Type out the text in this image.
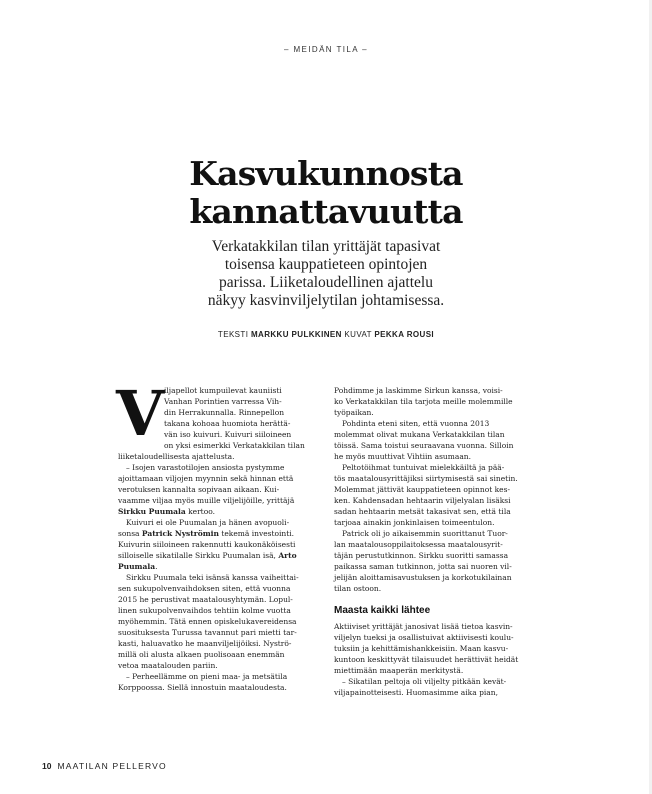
– MEIDÄN TILA –
Kasvukunnosta
kannattavuutta
Verkatakkilan tilan yrittäjät tapasivat
toisensa kauppatieteen opintojen
parissa. Liiketaloudellinen ajattelu
näkyy kasvinviljelytilan johtamisessa.
TEKSTI MARKKU PULKKINEN KUVAT PEKKA ROUSI
V iljapellot kumpuilevat kauniisti
Vanhan Porintien varressa Vih-
din Herrakunnalla. Rinnepellon
takana kohoaa huomiota herättä-
vän iso kuivuri. Kuivuri siiloineen
on yksi esimerkki Verkatakkilan tilan
liiketaloudellisesta ajattelusta.

– Isojen varastotilojen ansiosta pystymme
ajoittamaan viljojen myynnin sekä hinnan että
verotuksen kannalta sopivaan aikaan. Kui-
vaamme viljaa myös muille viljelijöille, yrittäjä
Sirkku Puumala kertoo.

Kuivuri ei ole Puumalan ja hänen avopuoli-
sonsa Patrick Nyströmin tekemä investointi.
Kuivurin siiloineen rakennutti kaukonäköisesti
silloiselle sikatilalle Sirkku Puumalan isä, Arto
Puumala.

Sirkku Puumala teki isänsä kanssa vaiheittai-
sen sukupolvenvaihdoksen siten, että vuonna
2015 he perustivat maatalousyhtymän. Lopul-
linen sukupolvenvaihdos tehtiin kolme vuotta
myöhemmin. Tätä ennen opiskelukavereidensa
suosituksesta Turussa tavannut pari mietti tar-
kasti, haluavatko he maanviljelijöiksi. Nyströ-
millä oli alusta alkaen puolisoaan enemmän
vetoa maatalouden pariin.

– Perheellämme on pieni maa- ja metsätila
Korppoossa. Siellä innostuin maataloudesta.

Pohdimme ja laskimme Sirkun kanssa, voisi-
ko Verkatakkilan tila tarjota meille molemmille
työpaikan.

Pohdinta eteni siten, että vuonna 2013
molemmat olivat mukana Verkatakkilan tilan
töissä. Sama toistui seuraavana vuonna. Silloin
he myös muuttivat Vihtiin asumaan.

Peltotöihmat tuntuivat mielekkäiltä ja pää-
tös maatalousyrittäjiksi siirtymisestä sai sinetin.
Molemmat jättivät kauppatieteen opinnot kes-
ken. Kahdensadan hehtaarin viljelyalan lisäksi
sadan hehtaarin metsät takasivat sen, että tila
tarjoaa ainakin jonkinlaisen toimeentulon.

Patrick oli jo aikaisemmin suorittanut Tuor-
lan maatalousoppilaitoksessa maatalousyrit-
täjän perustutkinnon. Sirkku suoritti samassa
paikassa saman tutkinnon, jotta sai nuoren vil-
jelijän aloittamisavustuksen ja korkotukilainan
tilan ostoon.

Maasta kaikki lähtee

Aktiiviset yrittäjät janosivat lisää tietoa kasvin-
viljelyn tueksi ja osallistuivat aktiivisesti koulu-
tuksiin ja kehittämishankkeisiin. Maan kasvu-
kuntoon keskittyvät tilaisuudet herättivät heidät
miettimään maaperän merkitystä.

– Sikatilan peltoja oli viljelty pitkään kevät-
viljapainotteisesti. Huomasimme aika pian,

10 MAATILAN PELLERVO
